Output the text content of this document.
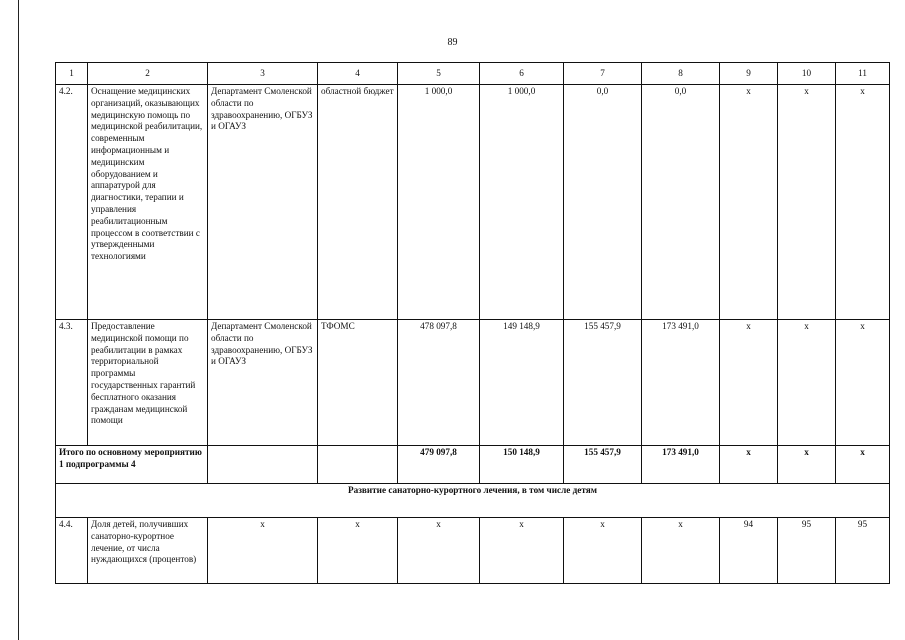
89
1	2	3	4	5	6	7	8	9	10	11
4.2.	Оснащение медицинских организаций, оказывающих медицинскую помощь по медицинской реабилитации, современным информационным и медицинским оборудованием и аппаратурой для диагностики, терапии и управления реабилитационным процессом в соответствии с утвержденными технологиями	Департамент Смоленской области по здравоохранению, ОГБУЗ и ОГАУЗ	областной бюджет	1 000,0	1 000,0	0,0	0,0	x	x	x
4.3.	Предоставление медицинской помощи по реабилитации в рамках территориальной программы государственных гарантий бесплатного оказания гражданам медицинской помощи	Департамент Смоленской области по здравоохранению, ОГБУЗ и ОГАУЗ	ТФОМС	478 097,8	149 148,9	155 457,9	173 491,0	x	x	x
Итого по основному мероприятию 1 подпрограммы 4				479 097,8	150 148,9	155 457,9	173 491,0	x	x	x
Развитие санаторно-курортного лечения, в том числе детям										
4.4.	Доля детей, получивших санаторно-курортное лечение, от числа нуждающихся (процентов)	x	x	x	x	x	x	94	95	95
